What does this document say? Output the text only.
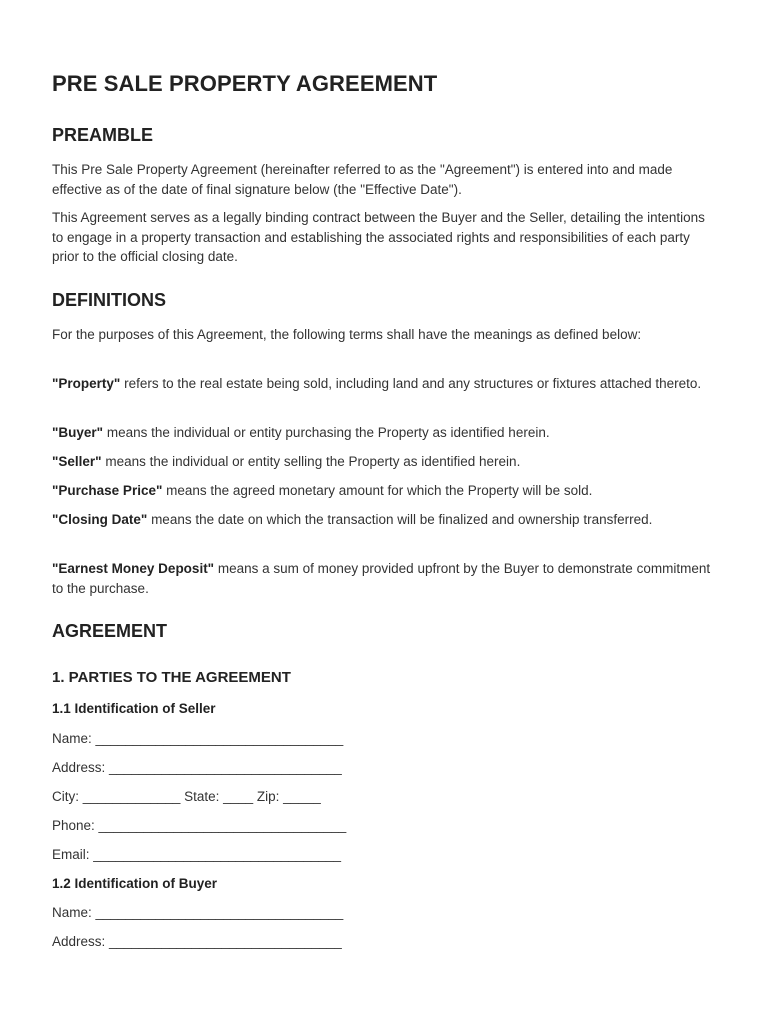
PRE SALE PROPERTY AGREEMENT
PREAMBLE

This Pre Sale Property Agreement (hereinafter referred to as the "Agreement") is entered into and made effective as of the date of final signature below (the "Effective Date").

This Agreement serves as a legally binding contract between the Buyer and the Seller, detailing the intentions to engage in a property transaction and establishing the associated rights and responsibilities of each party prior to the official closing date.

DEFINITIONS

For the purposes of this Agreement, the following terms shall have the meanings as defined below:

"Property" refers to the real estate being sold, including land and any structures or fixtures attached thereto.

"Buyer" means the individual or entity purchasing the Property as identified herein.

"Seller" means the individual or entity selling the Property as identified herein.

"Purchase Price" means the agreed monetary amount for which the Property will be sold.

"Closing Date" means the date on which the transaction will be finalized and ownership transferred.

"Earnest Money Deposit" means a sum of money provided upfront by the Buyer to demonstrate commitment to the purchase.

AGREEMENT
1. PARTIES TO THE AGREEMENT
1.1 Identification of Seller

Name: _________________________________

Address: _______________________________

City: _____________ State: ____ Zip: _____

Phone: _________________________________

Email: _________________________________

1.2 Identification of Buyer

Name: _________________________________

Address: _______________________________
